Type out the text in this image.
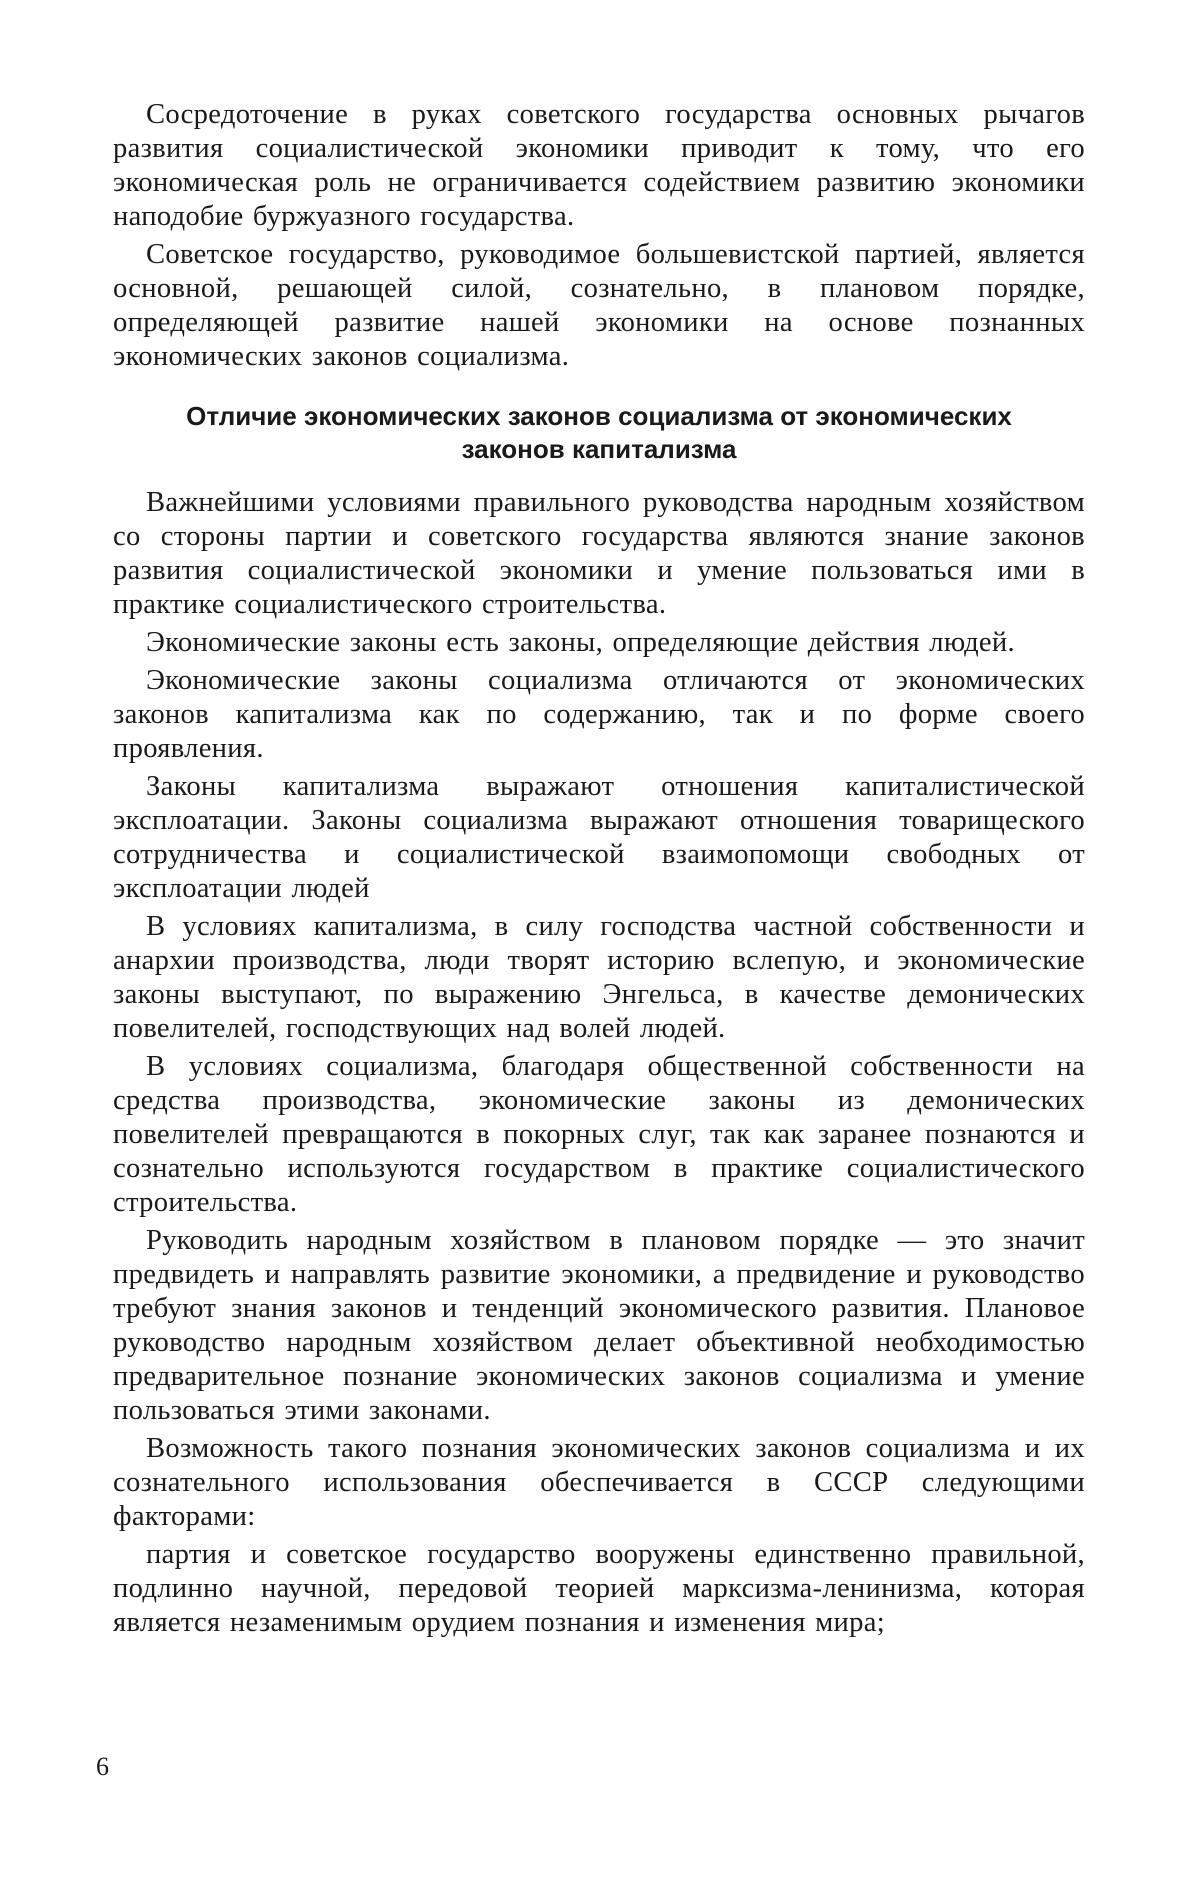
Сосредоточение в руках советского государства основных рычагов развития социалистической экономики приводит к тому, что его экономическая роль не ограничивается содействием развитию экономики наподобие буржуазного государства.

Советское государство, руководимое большевистской партией, является основной, решающей силой, сознательно, в плановом порядке, определяющей развитие нашей экономики на основе познанных экономических законов социализма.

Отличие экономических законов социализма от экономических законов капитализма

Важнейшими условиями правильного руководства народным хозяйством со стороны партии и советского государства являются знание законов развития социалистической экономики и умение пользоваться ими в практике социалистического строительства.

Экономические законы есть законы, определяющие действия людей.

Экономические законы социализма отличаются от экономических законов капитализма как по содержанию, так и по форме своего проявления.

Законы капитализма выражают отношения капиталистической эксплоатации. Законы социализма выражают отношения товарищеского сотрудничества и социалистической взаимопомощи свободных от эксплоатации людей

В условиях капитализма, в силу господства частной собственности и анархии производства, люди творят историю вслепую, и экономические законы выступают, по выражению Энгельса, в качестве демонических повелителей, господствующих над волей людей.

В условиях социализма, благодаря общественной собственности на средства производства, экономические законы из демонических повелителей превращаются в покорных слуг, так как заранее познаются и сознательно используются государством в практике социалистического строительства.

Руководить народным хозяйством в плановом порядке — это значит предвидеть и направлять развитие экономики, а предвидение и руководство требуют знания законов и тенденций экономического развития. Плановое руководство народным хозяйством делает объективной необходимостью предварительное познание экономических законов социализма и умение пользоваться этими законами.

Возможность такого познания экономических законов социализма и их сознательного использования обеспечивается в СССР следующими факторами:

партия и советское государство вооружены единственно правильной, подлинно научной, передовой теорией марксизма-ленинизма, которая является незаменимым орудием познания и изменения мира;

6
